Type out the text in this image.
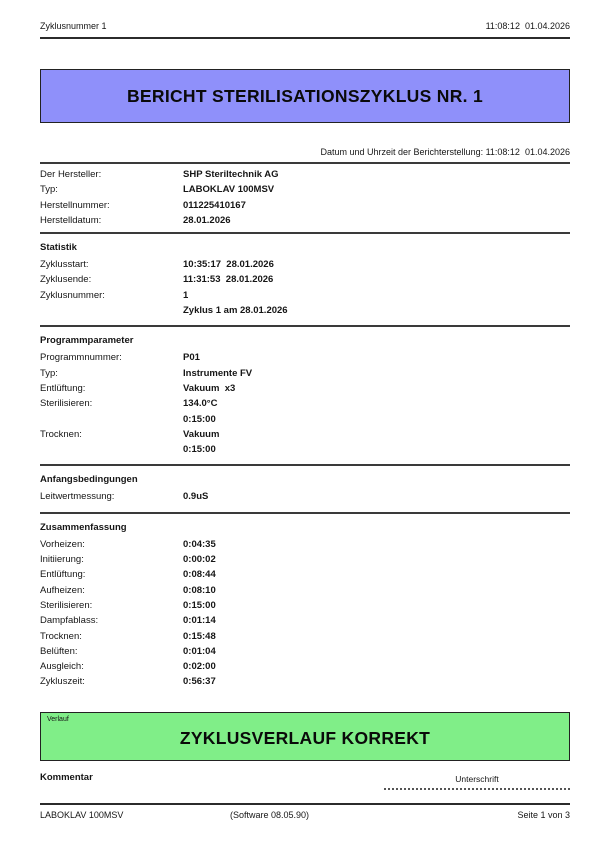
Zyklusnummer 1	11:08:12  01.04.2026
BERICHT STERILISATIONSZYKLUS NR. 1
Datum und Uhrzeit der Berichterstellung: 11:08:12  01.04.2026
Der Hersteller:	SHP Steriltechnik AG
Typ:	LABOKLAV 100MSV
Herstellnummer:	011225410167
Herstelldatum:	28.01.2026
Statistik
Zyklusstart:	10:35:17  28.01.2026
Zyklusende:	11:31:53  28.01.2026
Zyklusnummer:	1
Zyklus 1 am 28.01.2026
Programmparameter
Programmnummer:	P01
Typ:	Instrumente FV
Entlüftung:	Vakuum  x3
Sterilisieren:	134.0°C
0:15:00
Trocknen:	Vakuum
0:15:00
Anfangsbedingungen
Leitwertmessung:	0.9uS
Zusammenfassung
Vorheizen:	0:04:35
Initiierung:	0:00:02
Entlüftung:	0:08:44
Aufheizen:	0:08:10
Sterilisieren:	0:15:00
Dampfablass:	0:01:14
Trocknen:	0:15:48
Belüften:	0:01:04
Ausgleich:	0:02:00
Zykluszeit:	0:56:37
Verlauf
ZYKLUSVERLAUF KORREKT
Kommentar	Unterschrift
LABOKLAV 100MSV	(Software 08.05.90)	Seite 1 von 3
